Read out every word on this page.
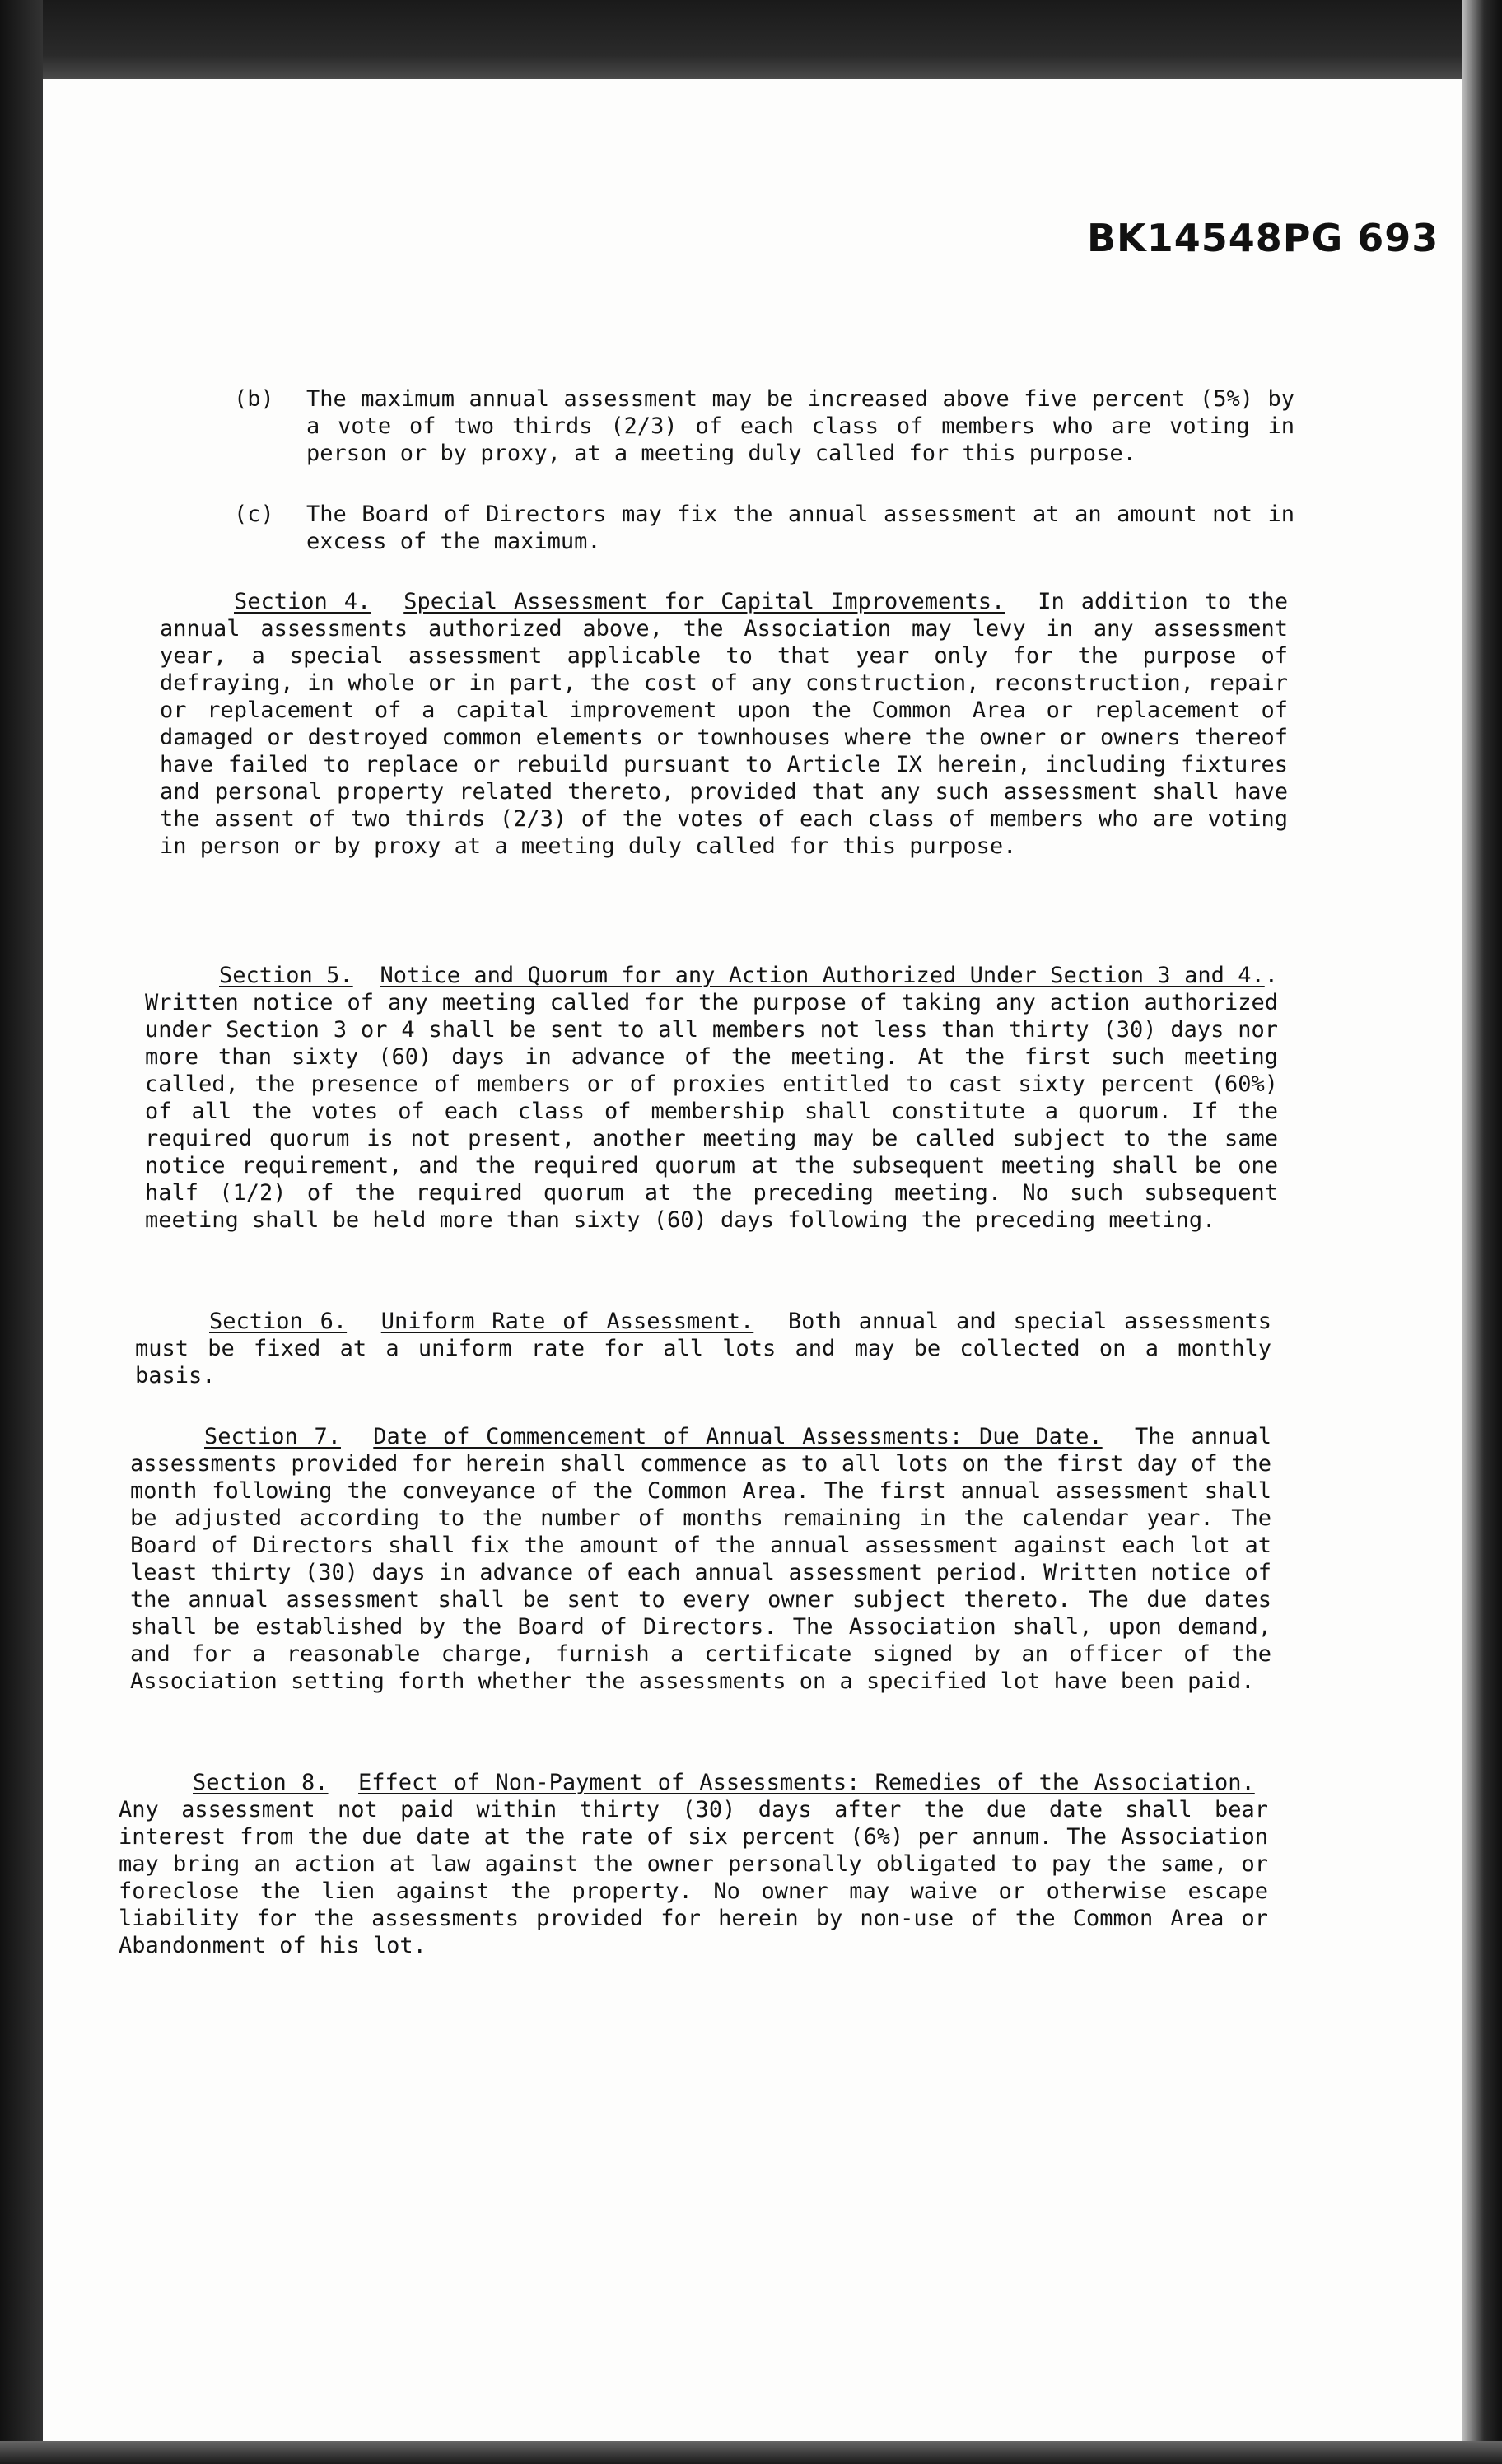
BK14548PG 693
(b) The maximum annual assessment may be increased above five percent (5%) by a vote of two thirds (2/3) of each class of members who are voting in person or by proxy, at a meeting duly called for this purpose.
(c) The Board of Directors may fix the annual assessment at an amount not in excess of the maximum.
Section 4. Special Assessment for Capital Improvements. In addition to the annual assessments authorized above, the Association may levy in any assessment year, a special assessment applicable to that year only for the purpose of defraying, in whole or in part, the cost of any construction, reconstruction, repair or replacement of a capital improvement upon the Common Area or replacement of damaged or destroyed common elements or townhouses where the owner or owners thereof have failed to replace or rebuild pursuant to Article IX herein, including fixtures and personal property related thereto, provided that any such assessment shall have the assent of two thirds (2/3) of the votes of each class of members who are voting in person or by proxy at a meeting duly called for this purpose.
Section 5. Notice and Quorum for any Action Authorized Under Section 3 and 4.. Written notice of any meeting called for the purpose of taking any action authorized under Section 3 or 4 shall be sent to all members not less than thirty (30) days nor more than sixty (60) days in advance of the meeting. At the first such meeting called, the presence of members or of proxies entitled to cast sixty percent (60%) of all the votes of each class of membership shall constitute a quorum. If the required quorum is not present, another meeting may be called subject to the same notice requirement, and the required quorum at the subsequent meeting shall be one half (1/2) of the required quorum at the preceding meeting. No such subsequent meeting shall be held more than sixty (60) days following the preceding meeting.
Section 6. Uniform Rate of Assessment. Both annual and special assessments must be fixed at a uniform rate for all lots and may be collected on a monthly basis.
Section 7. Date of Commencement of Annual Assessments: Due Date. The annual assessments provided for herein shall commence as to all lots on the first day of the month following the conveyance of the Common Area. The first annual assessment shall be adjusted according to the number of months remaining in the calendar year. The Board of Directors shall fix the amount of the annual assessment against each lot at least thirty (30) days in advance of each annual assessment period. Written notice of the annual assessment shall be sent to every owner subject thereto. The due dates shall be established by the Board of Directors. The Association shall, upon demand, and for a reasonable charge, furnish a certificate signed by an officer of the Association setting forth whether the assessments on a specified lot have been paid.
Section 8. Effect of Non-Payment of Assessments: Remedies of the Association.  Any assessment not paid within thirty (30) days after the due date shall bear interest from the due date at the rate of six percent (6%) per annum. The Association may bring an action at law against the owner personally obligated to pay the same, or foreclose the lien against the property. No owner may waive or otherwise escape liability for the assessments provided for herein by non-use of the Common Area or Abandonment of his lot.
